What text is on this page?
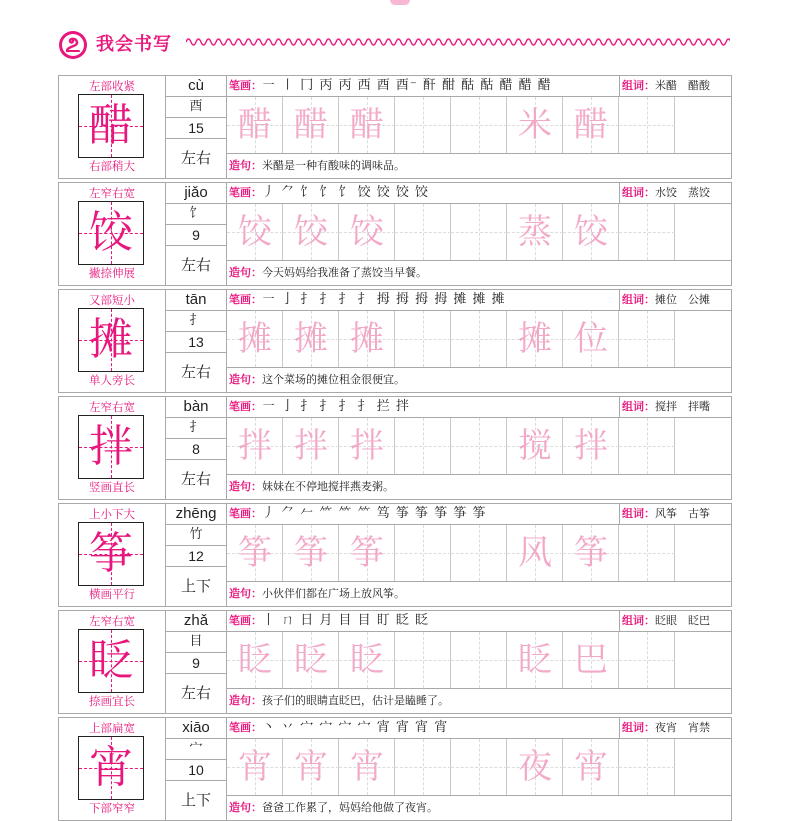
我会书写
左部收紧
醋
右部稍大
cù
酉
15
左右
笔画：㇐ ㇑ 冂 丙 丙 西 酉 酉⁻ 酐 酣 酤 酤 醋 醋 醋	组词：米醋　醋酸
醋 醋 醋	米 醋
造句：米醋是一种有酸味的调味品。
左窄右宽
饺
撇捺伸展
jiǎo
饣
9
左右
笔画：丿 ⺈ 饣 饣 饣 饺 饺 饺 饺	组词：水饺　蒸饺
饺 饺 饺	蒸 饺
造句：今天妈妈给我准备了蒸饺当早餐。
又部短小
摊
单人旁长
tān
扌
13
左右
笔画：㇐ 亅 扌 扌 扌 扌 拇 拇 拇 拇 摊 摊 摊	组词：摊位　公摊
摊 摊 摊	摊 位
造句：这个菜场的摊位租金很便宜。
左窄右宽
拌
竖画直长
bàn
扌
8
左右
笔画：㇐ 亅 扌 扌 扌 扌 拦 拌	组词：搅拌　拌嘴
拌 拌 拌	搅 拌
造句：妹妹在不停地搅拌燕麦粥。
上小下大
筝
横画平行
zhēng
竹
12
上下
笔画：丿 ⺈ 𠂉 ⺮ ⺮ ⺮ 笃 筝 筝 筝 筝 筝	组词：风筝　古筝
筝 筝 筝	风 筝
造句：小伙伴们都在广场上放风筝。
左窄右宽
眨
捺画宜长
zhǎ
目
9
左右
笔画：丨 ㄇ 日 月 目 目 盯 眨 眨	组词：眨眼　眨巴
眨 眨 眨	眨 巴
造句：孩子们的眼睛直眨巴，估计是瞌睡了。
上部扁宽
宵
下部窄窄
xiāo
宀
10
上下
笔画：丶 丷 宀 宀 宀 宀 宵 宵 宵 宵	组词：夜宵　宵禁
宵 宵 宵	夜 宵
造句：爸爸工作累了，妈妈给他做了夜宵。
